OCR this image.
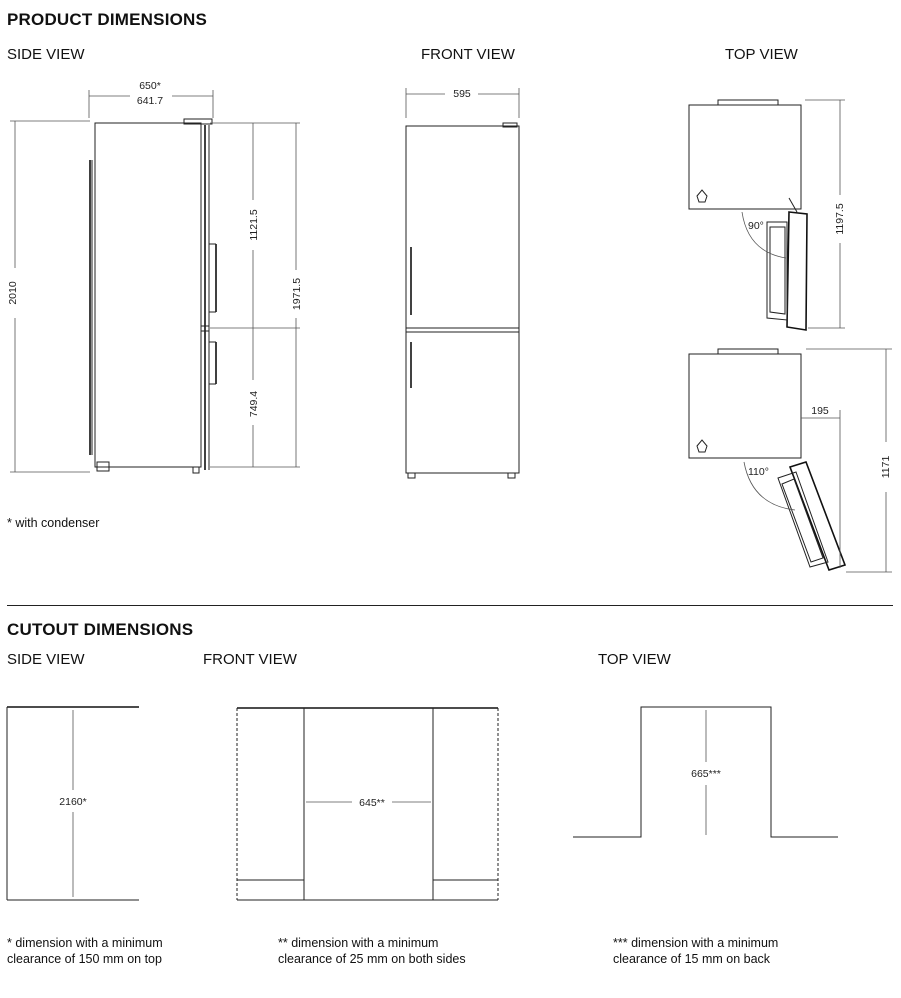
PRODUCT DIMENSIONS
SIDE VIEW	FRONT VIEW	TOP VIEW
* with condenser
CUTOUT DIMENSIONS
SIDE VIEW	FRONT VIEW	TOP VIEW
* dimension with a minimum clearance of 150 mm on top
** dimension with a minimum clearance of 25 mm on both sides
*** dimension with a minimum clearance of 15 mm on back
650*
641.7
2010
1121.5
749.4
1971.5
595
90°	1197.5
110°
195
1171
2160*	645**
665***
